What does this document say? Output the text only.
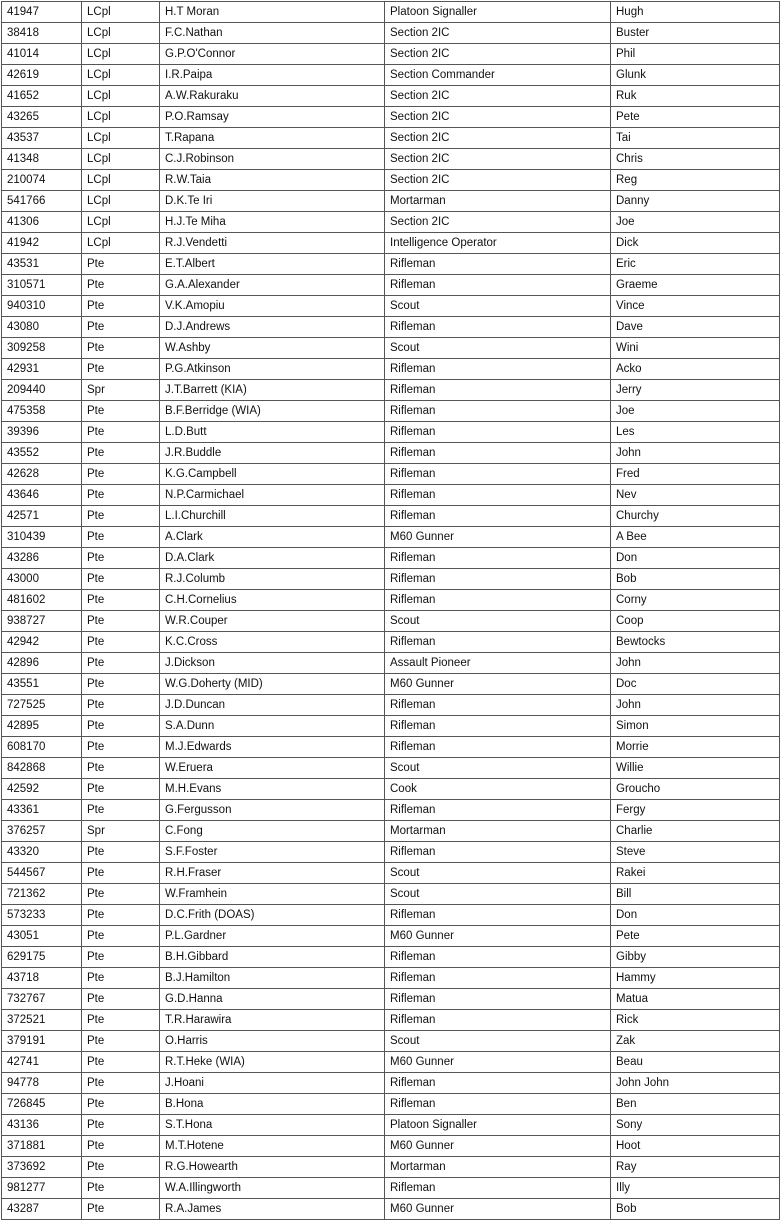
41947	LCpl	H.T Moran	Platoon Signaller	Hugh
38418	LCpl	F.C.Nathan	Section 2IC	Buster
41014	LCpl	G.P.O'Connor	Section 2IC	Phil
42619	LCpl	I.R.Paipa	Section Commander	Glunk
41652	LCpl	A.W.Rakuraku	Section 2IC	Ruk
43265	LCpl	P.O.Ramsay	Section 2IC	Pete
43537	LCpl	T.Rapana	Section 2IC	Tai
41348	LCpl	C.J.Robinson	Section 2IC	Chris
210074	LCpl	R.W.Taia	Section 2IC	Reg
541766	LCpl	D.K.Te Iri	Mortarman	Danny
41306	LCpl	H.J.Te Miha	Section 2IC	Joe
41942	LCpl	R.J.Vendetti	Intelligence Operator	Dick
43531	Pte	E.T.Albert	Rifleman	Eric
310571	Pte	G.A.Alexander	Rifleman	Graeme
940310	Pte	V.K.Amopiu	Scout	Vince
43080	Pte	D.J.Andrews	Rifleman	Dave
309258	Pte	W.Ashby	Scout	Wini
42931	Pte	P.G.Atkinson	Rifleman	Acko
209440	Spr	J.T.Barrett (KIA)	Rifleman	Jerry
475358	Pte	B.F.Berridge (WIA)	Rifleman	Joe
39396	Pte	L.D.Butt	Rifleman	Les
43552	Pte	J.R.Buddle	Rifleman	John
42628	Pte	K.G.Campbell	Rifleman	Fred
43646	Pte	N.P.Carmichael	Rifleman	Nev
42571	Pte	L.I.Churchill	Rifleman	Churchy
310439	Pte	A.Clark	M60 Gunner	A Bee
43286	Pte	D.A.Clark	Rifleman	Don
43000	Pte	R.J.Columb	Rifleman	Bob
481602	Pte	C.H.Cornelius	Rifleman	Corny
938727	Pte	W.R.Couper	Scout	Coop
42942	Pte	K.C.Cross	Rifleman	Bewtocks
42896	Pte	J.Dickson	Assault Pioneer	John
43551	Pte	W.G.Doherty (MID)	M60 Gunner	Doc
727525	Pte	J.D.Duncan	Rifleman	John
42895	Pte	S.A.Dunn	Rifleman	Simon
608170	Pte	M.J.Edwards	Rifleman	Morrie
842868	Pte	W.Eruera	Scout	Willie
42592	Pte	M.H.Evans	Cook	Groucho
43361	Pte	G.Fergusson	Rifleman	Fergy
376257	Spr	C.Fong	Mortarman	Charlie
43320	Pte	S.F.Foster	Rifleman	Steve
544567	Pte	R.H.Fraser	Scout	Rakei
721362	Pte	W.Framhein	Scout	Bill
573233	Pte	D.C.Frith (DOAS)	Rifleman	Don
43051	Pte	P.L.Gardner	M60 Gunner	Pete
629175	Pte	B.H.Gibbard	Rifleman	Gibby
43718	Pte	B.J.Hamilton	Rifleman	Hammy
732767	Pte	G.D.Hanna	Rifleman	Matua
372521	Pte	T.R.Harawira	Rifleman	Rick
379191	Pte	O.Harris	Scout	Zak
42741	Pte	R.T.Heke (WIA)	M60 Gunner	Beau
94778	Pte	J.Hoani	Rifleman	John John
726845	Pte	B.Hona	Rifleman	Ben
43136	Pte	S.T.Hona	Platoon Signaller	Sony
371881	Pte	M.T.Hotene	M60 Gunner	Hoot
373692	Pte	R.G.Howearth	Mortarman	Ray
981277	Pte	W.A.Illingworth	Rifleman	Illy
43287	Pte	R.A.James	M60 Gunner	Bob
